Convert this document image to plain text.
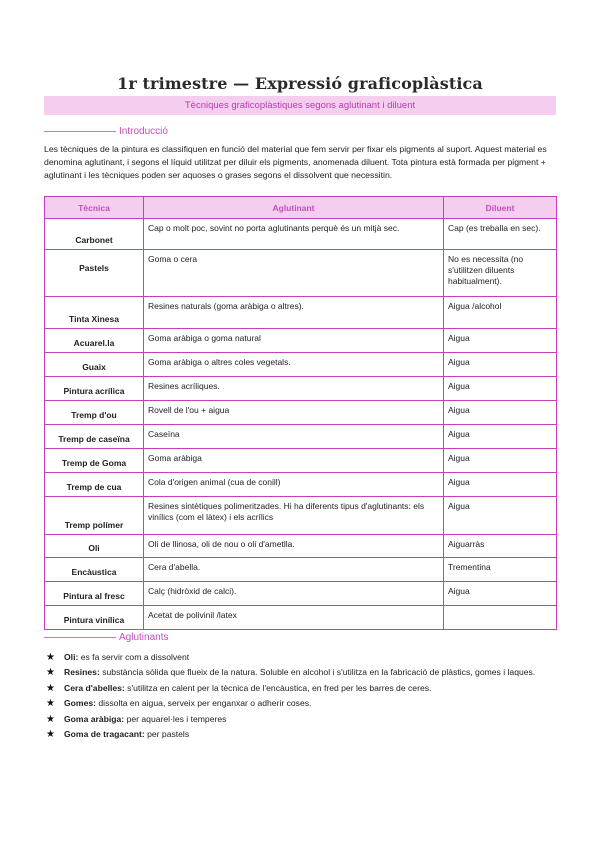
1r trimestre — Expressió graficoplàstica
Tècniques graficoplàstiques segons aglutinant i diluent
Introducció
Les tècniques de la pintura es classifiquen en funció del material que fem servir per fixar els pigments al suport. Aquest material es denomina aglutinant, i segons el líquid utilitzat per diluir els pigments, anomenada diluent. Tota pintura està formada per pigment + aglutinant i les tècniques poden ser aquoses o grases segons el dissolvent que necessitin.
Tècnica	Aglutinant	Diluent
Carbonet	Cap o molt poc, sovint no porta aglutinants perquè és un mitjà sec.	Cap (es treballa en sec).
Pastels	Goma o cera	No es necessita (no s'utilitzen diluents habitualment).
Tinta Xinesa	Resines naturals (goma aràbiga o altres).	Aigua /alcohol
Acuarel.la	Goma aràbiga o goma natural	Aigua
Guaix	Goma aràbiga o altres coles vegetals.	Aigua
Pintura acrílica	Resines acríliques.	Aigua
Tremp d'ou	Rovell de l'ou + aigua	Aigua
Tremp de caseïna	Caseïna	Aigua
Tremp de Goma	Goma aràbiga	Aigua
Tremp de cua	Cola d'origen animal (cua de conill)	Aigua
Tremp polímer	Resines sintètiques polimeritzades. Hi ha diferents tipus d'aglutinants: els vinílics (com el làtex) i els acrílics	Aigua
Oli	Oli de llinosa, oli de nou o oli d'ametlla.	Aiguarràs
Encàustica	Cera d'abella.	Trementina
Pintura al fresc	Calç (hidròxid de calci).	Aigua
Pintura vinílica	Acetat de polivinil /latex	
Aglutinants
★	Oli: es fa servir com a dissolvent
★	Resines: substància sòlida que flueix de la natura. Soluble en alcohol i s'utilitza en la fabricació de plàstics, gomes i laques.
★	Cera d'abelles: s'utilitza en calent per la tècnica de l'encàustica, en fred per les barres de ceres.
★	Gomes: dissolta en aigua, serveix per enganxar o adherir coses.
★	Goma aràbiga: per aquarel·les i temperes
★	Goma de tragacant: per pastels
